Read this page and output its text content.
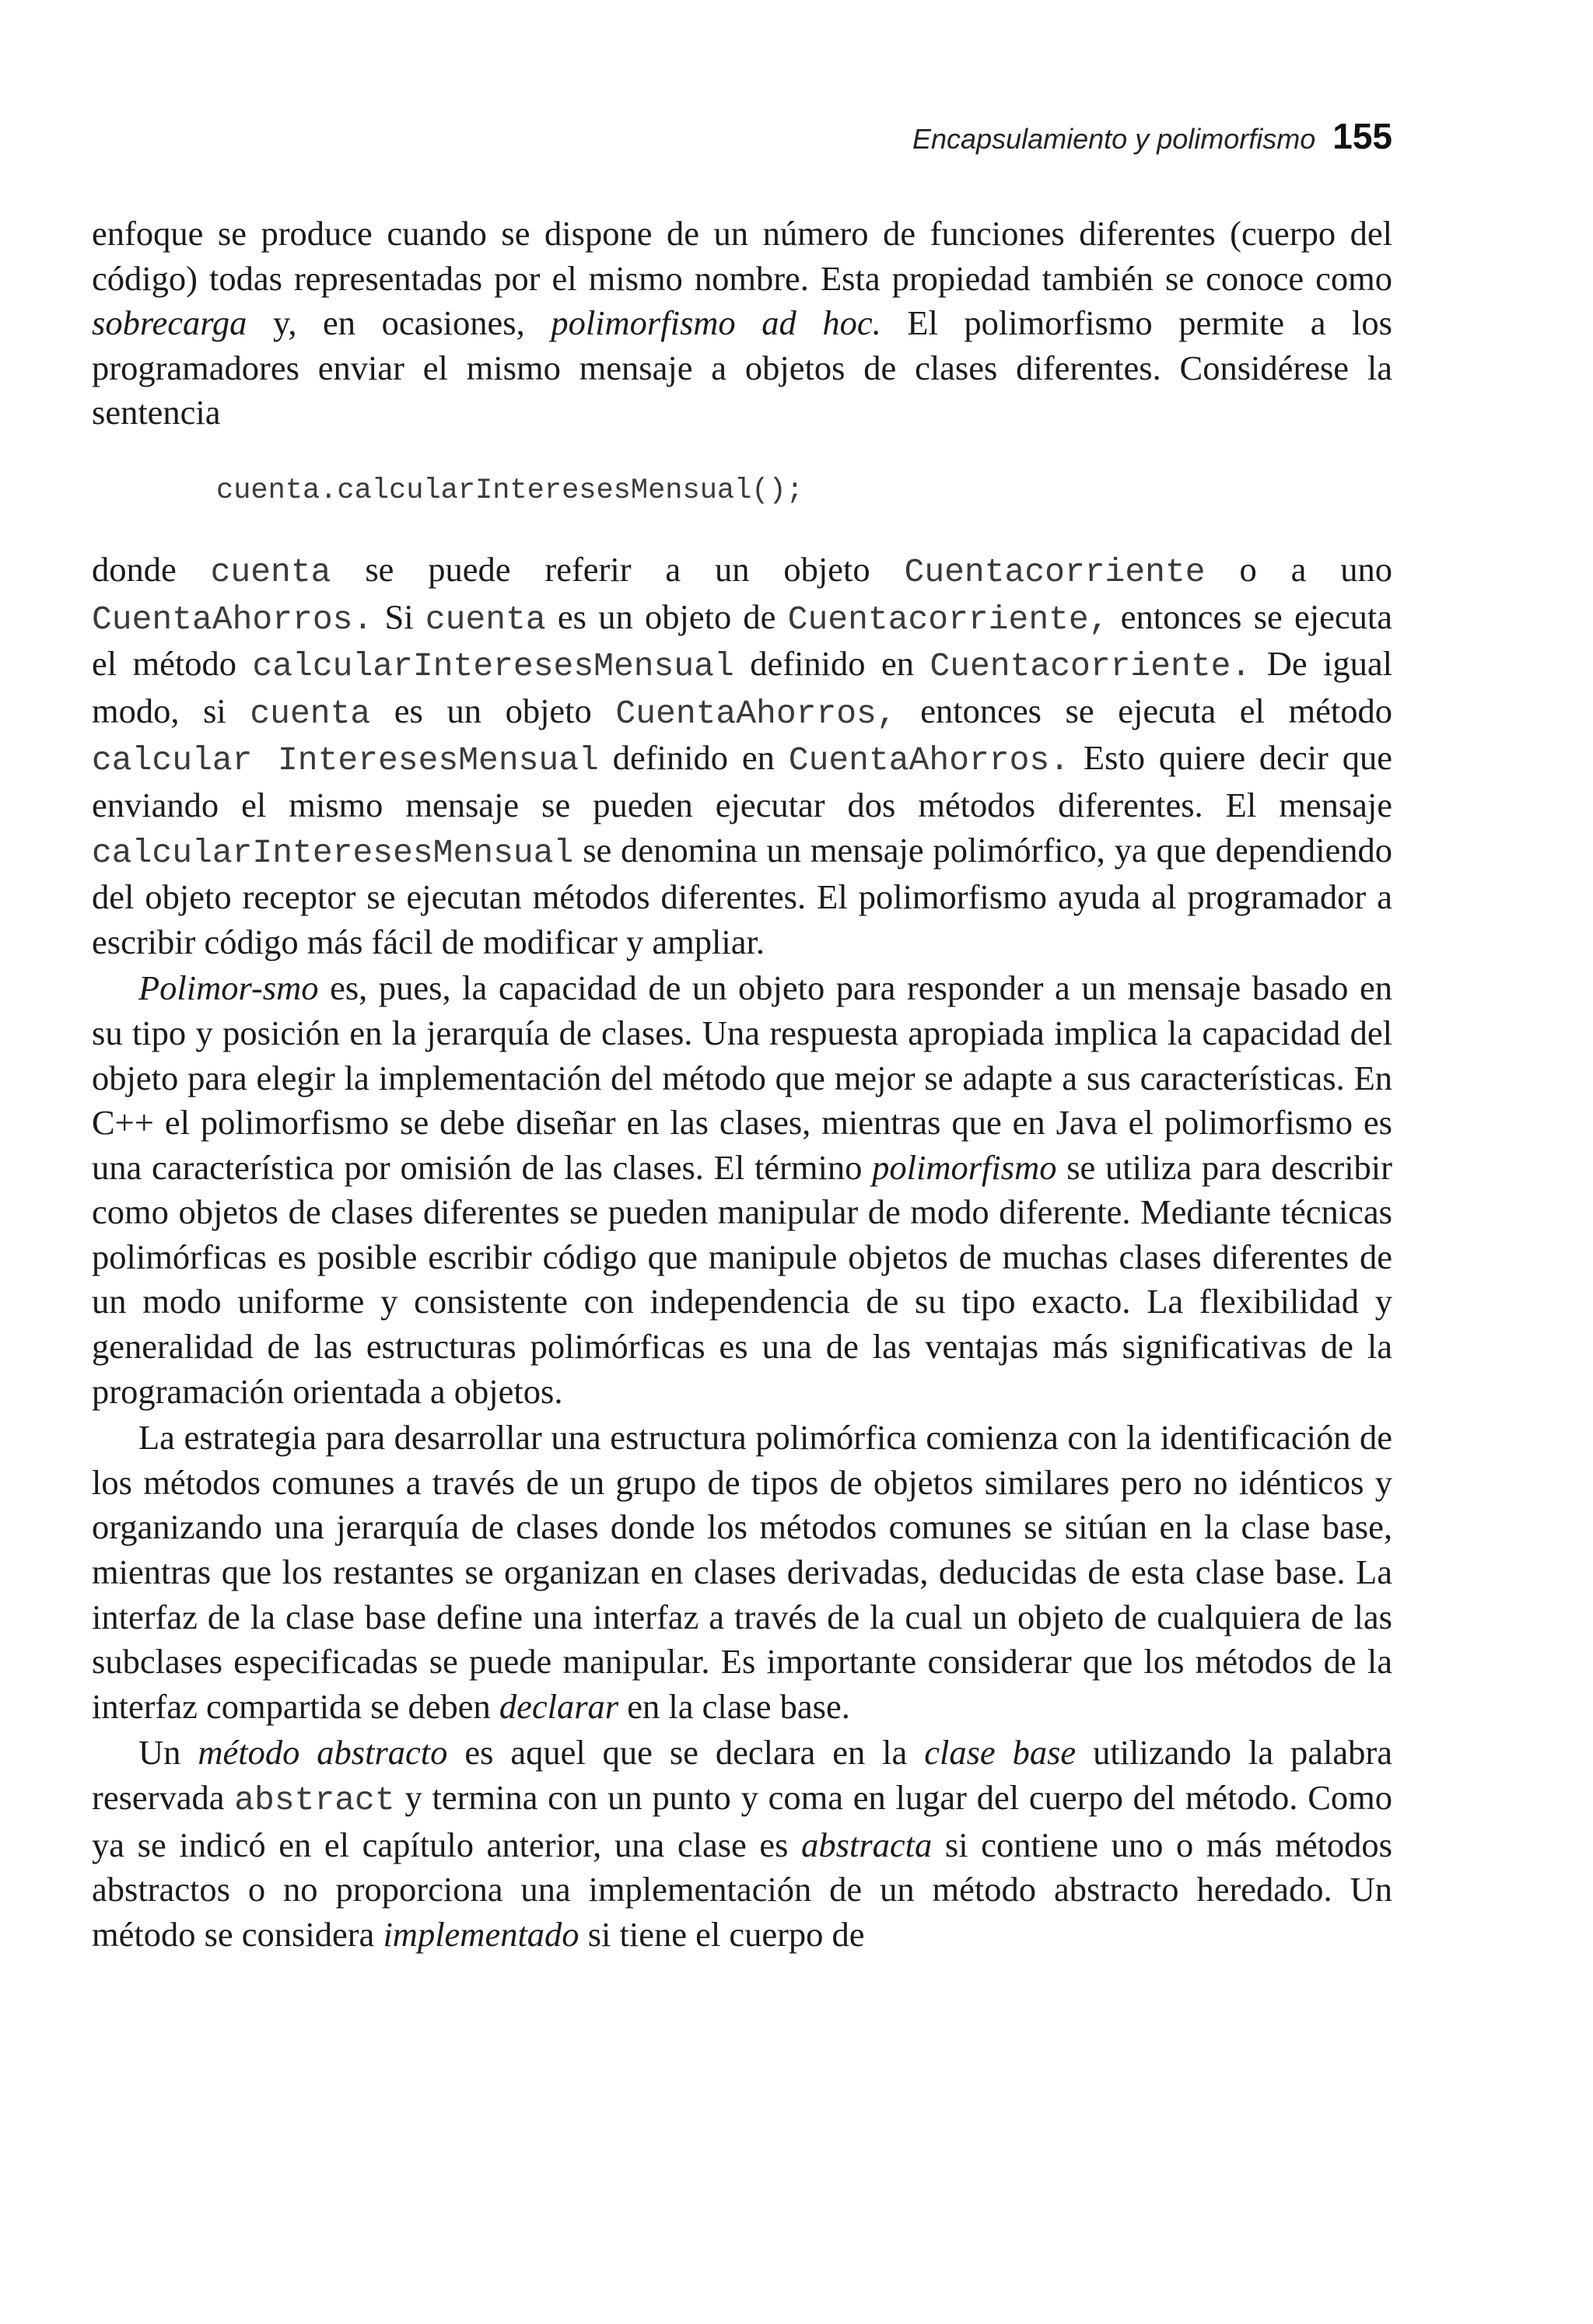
Encapsulamiento y polimorfismo 155

enfoque se produce cuando se dispone de un número de funciones diferentes (cuerpo del código) todas representadas por el mismo nombre. Esta propiedad también se conoce como sobrecarga y, en ocasiones, polimorfismo ad hoc. El polimorfismo permite a los programadores enviar el mismo mensaje a objetos de clases diferentes. Considérese la sentencia

cuenta.calcularInteresesMensual();

donde cuenta se puede referir a un objeto Cuentacorriente o a uno CuentaAhorros. Si cuenta es un objeto de Cuentacorriente, entonces se ejecuta el método calcularInteresesMensual definido en Cuentacorriente. De igual modo, si cuenta es un objeto CuentaAhorros, entonces se ejecuta el método calcular InteresesMensual definido en CuentaAhorros. Esto quiere decir que enviando el mismo mensaje se pueden ejecutar dos métodos diferentes. El mensaje calcularInteresesMensual se denomina un mensaje polimórfico, ya que dependiendo del objeto receptor se ejecutan métodos diferentes. El polimorfismo ayuda al programador a escribir código más fácil de modificar y ampliar.

Polimor-smo es, pues, la capacidad de un objeto para responder a un mensaje basado en su tipo y posición en la jerarquía de clases. Una respuesta apropiada implica la capacidad del objeto para elegir la implementación del método que mejor se adapte a sus características. En C++ el polimorfismo se debe diseñar en las clases, mientras que en Java el polimorfismo es una característica por omisión de las clases. El término polimorfismo se utiliza para describir como objetos de clases diferentes se pueden manipular de modo diferente. Mediante técnicas polimórficas es posible escribir código que manipule objetos de muchas clases diferentes de un modo uniforme y consistente con independencia de su tipo exacto. La flexibilidad y generalidad de las estructuras polimórficas es una de las ventajas más significativas de la programación orientada a objetos.

La estrategia para desarrollar una estructura polimórfica comienza con la identificación de los métodos comunes a través de un grupo de tipos de objetos similares pero no idénticos y organizando una jerarquía de clases donde los métodos comunes se sitúan en la clase base, mientras que los restantes se organizan en clases derivadas, deducidas de esta clase base. La interfaz de la clase base define una interfaz a través de la cual un objeto de cualquiera de las subclases especificadas se puede manipular. Es importante considerar que los métodos de la interfaz compartida se deben declarar en la clase base.

Un método abstracto es aquel que se declara en la clase base utilizando la palabra reservada abstract y termina con un punto y coma en lugar del cuerpo del método. Como ya se indicó en el capítulo anterior, una clase es abstracta si contiene uno o más métodos abstractos o no proporciona una implementación de un método abstracto heredado. Un método se considera implementado si tiene el cuerpo de
